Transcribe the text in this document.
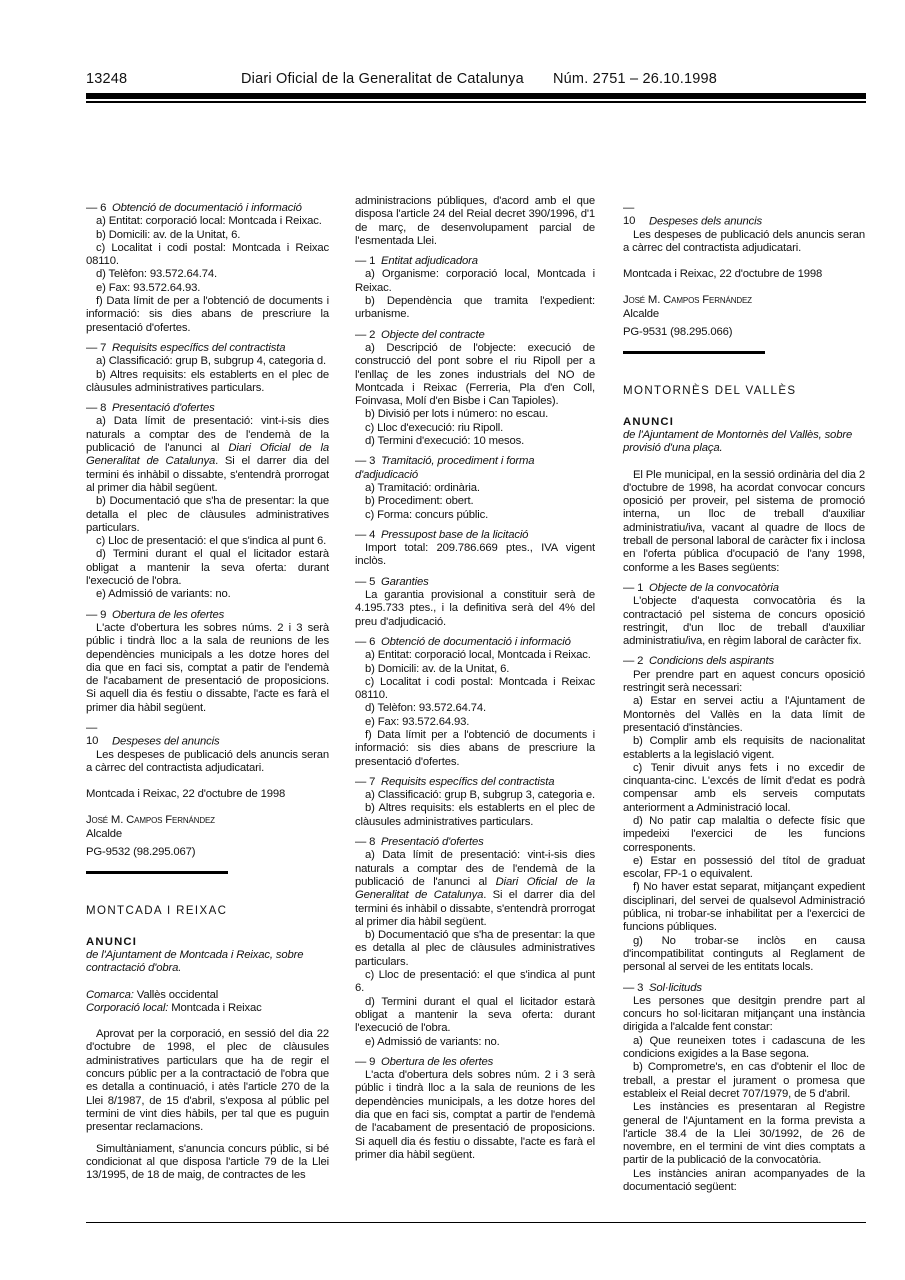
13248	Diari Oficial de la Generalitat de Catalunya Núm. 2751 – 26.10.1998

— 6 Obtenció de documentació i informació

a) Entitat: corporació local: Montcada i Reixac.

b) Domicili: av. de la Unitat, 6.

c) Localitat i codi postal: Montcada i Reixac 08110.

d) Telèfon: 93.572.64.74.

e) Fax: 93.572.64.93.

f) Data límit de per a l'obtenció de documents i informació: sis dies abans de prescriure la presentació d'ofertes.

— 7 Requisits específics del contractista

a) Classificació: grup B, subgrup 4, categoria d.

b) Altres requisits: els establerts en el plec de clàusules administratives particulars.

— 8 Presentació d'ofertes

a) Data límit de presentació: vint-i-sis dies naturals a comptar des de l'endemà de la publicació de l'anunci al Diari Oficial de la Generalitat de Catalunya. Si el darrer dia del termini és inhàbil o dissabte, s'entendrà prorrogat al primer dia hàbil següent.

b) Documentació que s'ha de presentar: la que detalla el plec de clàusules administratives particulars.

c) Lloc de presentació: el que s'indica al punt 6.

d) Termini durant el qual el licitador estarà obligat a mantenir la seva oferta: durant l'execució de l'obra.

e) Admissió de variants: no.

— 9 Obertura de les ofertes

L'acte d'obertura les sobres núms. 2 i 3 serà públic i tindrà lloc a la sala de reunions de les dependències municipals a les dotze hores del dia que en faci sis, comptat a patir de l'endemà de l'acabament de presentació de proposicions. Si aquell dia és festiu o dissabte, l'acte es farà el primer dia hàbil següent.

— 10 Despeses del anuncis

Les despeses de publicació dels anuncis seran a càrrec del contractista adjudicatari.

Montcada i Reixac, 22 d'octubre de 1998

José M. Campos Fernández

Alcalde

PG-9532 (98.295.067)

MONTCADA I REIXAC

ANUNCI

de l'Ajuntament de Montcada i Reixac, sobre contractació d'obra.

Comarca: Vallès occidental

Corporació local: Montcada i Reixac

Aprovat per la corporació, en sessió del dia 22 d'octubre de 1998, el plec de clàusules administratives particulars que ha de regir el concurs públic per a la contractació de l'obra que es detalla a continuació, i atès l'article 270 de la Llei 8/1987, de 15 d'abril, s'exposa al públic pel termini de vint dies hàbils, per tal que es puguin presentar reclamacions.

Simultàniament, s'anuncia concurs públic, si bé condicionat al que disposa l'article 79 de la Llei 13/1995, de 18 de maig, de contractes de les

administracions públiques, d'acord amb el que disposa l'article 24 del Reial decret 390/1996, d'1 de març, de desenvolupament parcial de l'esmentada Llei.

— 1 Entitat adjudicadora

a) Organisme: corporació local, Montcada i Reixac.

b) Dependència que tramita l'expedient: urbanisme.

— 2 Objecte del contracte

a) Descripció de l'objecte: execució de construcció del pont sobre el riu Ripoll per a l'enllaç de les zones industrials del NO de Montcada i Reixac (Ferreria, Pla d'en Coll, Foinvasa, Molí d'en Bisbe i Can Tapioles).

b) Divisió per lots i número: no escau.

c) Lloc d'execució: riu Ripoll.

d) Termini d'execució: 10 mesos.

— 3 Tramitació, procediment i forma d'adjudicació

a) Tramitació: ordinària.

b) Procediment: obert.

c) Forma: concurs públic.

— 4 Pressupost base de la licitació

Import total: 209.786.669 ptes., IVA vigent inclòs.

— 5 Garanties

La garantia provisional a constituir serà de 4.195.733 ptes., i la definitiva serà del 4% del preu d'adjudicació.

— 6 Obtenció de documentació i informació

a) Entitat: corporació local, Montcada i Reixac.

b) Domicili: av. de la Unitat, 6.

c) Localitat i codi postal: Montcada i Reixac 08110.

d) Telèfon: 93.572.64.74.

e) Fax: 93.572.64.93.

f) Data límit per a l'obtenció de documents i informació: sis dies abans de prescriure la presentació d'ofertes.

— 7 Requisits específics del contractista

a) Classificació: grup B, subgrup 3, categoria e.

b) Altres requisits: els establerts en el plec de clàusules administratives particulars.

— 8 Presentació d'ofertes

a) Data límit de presentació: vint-i-sis dies naturals a comptar des de l'endemà de la publicació de l'anunci al Diari Oficial de la Generalitat de Catalunya. Si el darrer dia del termini és inhàbil o dissabte, s'entendrà prorrogat al primer dia hàbil següent.

b) Documentació que s'ha de presentar: la que es detalla al plec de clàusules administratives particulars.

c) Lloc de presentació: el que s'indica al punt 6.

d) Termini durant el qual el licitador estarà obligat a mantenir la seva oferta: durant l'execució de l'obra.

e) Admissió de variants: no.

— 9 Obertura de les ofertes

L'acta d'obertura dels sobres núm. 2 i 3 serà públic i tindrà lloc a la sala de reunions de les dependències municipals, a les dotze hores del dia que en faci sis, comptat a partir de l'endemà de l'acabament de presentació de proposicions. Si aquell dia és festiu o dissabte, l'acte es farà el primer dia hàbil següent.

— 10 Despeses dels anuncis

Les despeses de publicació dels anuncis seran a càrrec del contractista adjudicatari.

Montcada i Reixac, 22 d'octubre de 1998

José M. Campos Fernández

Alcalde

PG-9531 (98.295.066)

MONTORNÈS DEL VALLÈS

ANUNCI

de l'Ajuntament de Montornès del Vallès, sobre provisió d'una plaça.

El Ple municipal, en la sessió ordinària del dia 2 d'octubre de 1998, ha acordat convocar concurs oposició per proveir, pel sistema de promoció interna, un lloc de treball d'auxiliar administratiu/iva, vacant al quadre de llocs de treball de personal laboral de caràcter fix i inclosa en l'oferta pública d'ocupació de l'any 1998, conforme a les Bases següents:

— 1 Objecte de la convocatòria

L'objecte d'aquesta convocatòria és la contractació pel sistema de concurs oposició restringit, d'un lloc de treball d'auxiliar administratiu/iva, en règim laboral de caràcter fix.

— 2 Condicions dels aspirants

Per prendre part en aquest concurs oposició restringit serà necessari:

a) Estar en servei actiu a l'Ajuntament de Montornès del Vallès en la data límit de presentació d'instàncies.

b) Complir amb els requisits de nacionalitat establerts a la legislació vigent.

c) Tenir divuit anys fets i no excedir de cinquanta-cinc. L'excés de límit d'edat es podrà compensar amb els serveis computats anteriorment a Administració local.

d) No patir cap malaltia o defecte físic que impedeixi l'exercici de les funcions corresponents.

e) Estar en possessió del títol de graduat escolar, FP-1 o equivalent.

f) No haver estat separat, mitjançant expedient disciplinari, del servei de qualsevol Administració pública, ni trobar-se inhabilitat per a l'exercici de funcions públiques.

g) No trobar-se inclòs en causa d'incompatibilitat continguts al Reglament de personal al servei de les entitats locals.

— 3 Sol·licituds

Les persones que desitgin prendre part al concurs ho sol·licitaran mitjançant una instància dirigida a l'alcalde fent constar:

a) Que reuneixen totes i cadascuna de les condicions exigides a la Base segona.

b) Comprometre's, en cas d'obtenir el lloc de treball, a prestar el jurament o promesa que estableix el Reial decret 707/1979, de 5 d'abril.

Les instàncies es presentaran al Registre general de l'Ajuntament en la forma prevista a l'article 38.4 de la Llei 30/1992, de 26 de novembre, en el termini de vint dies comptats a partir de la publicació de la convocatòria.

Les instàncies aniran acompanyades de la documentació següent:
